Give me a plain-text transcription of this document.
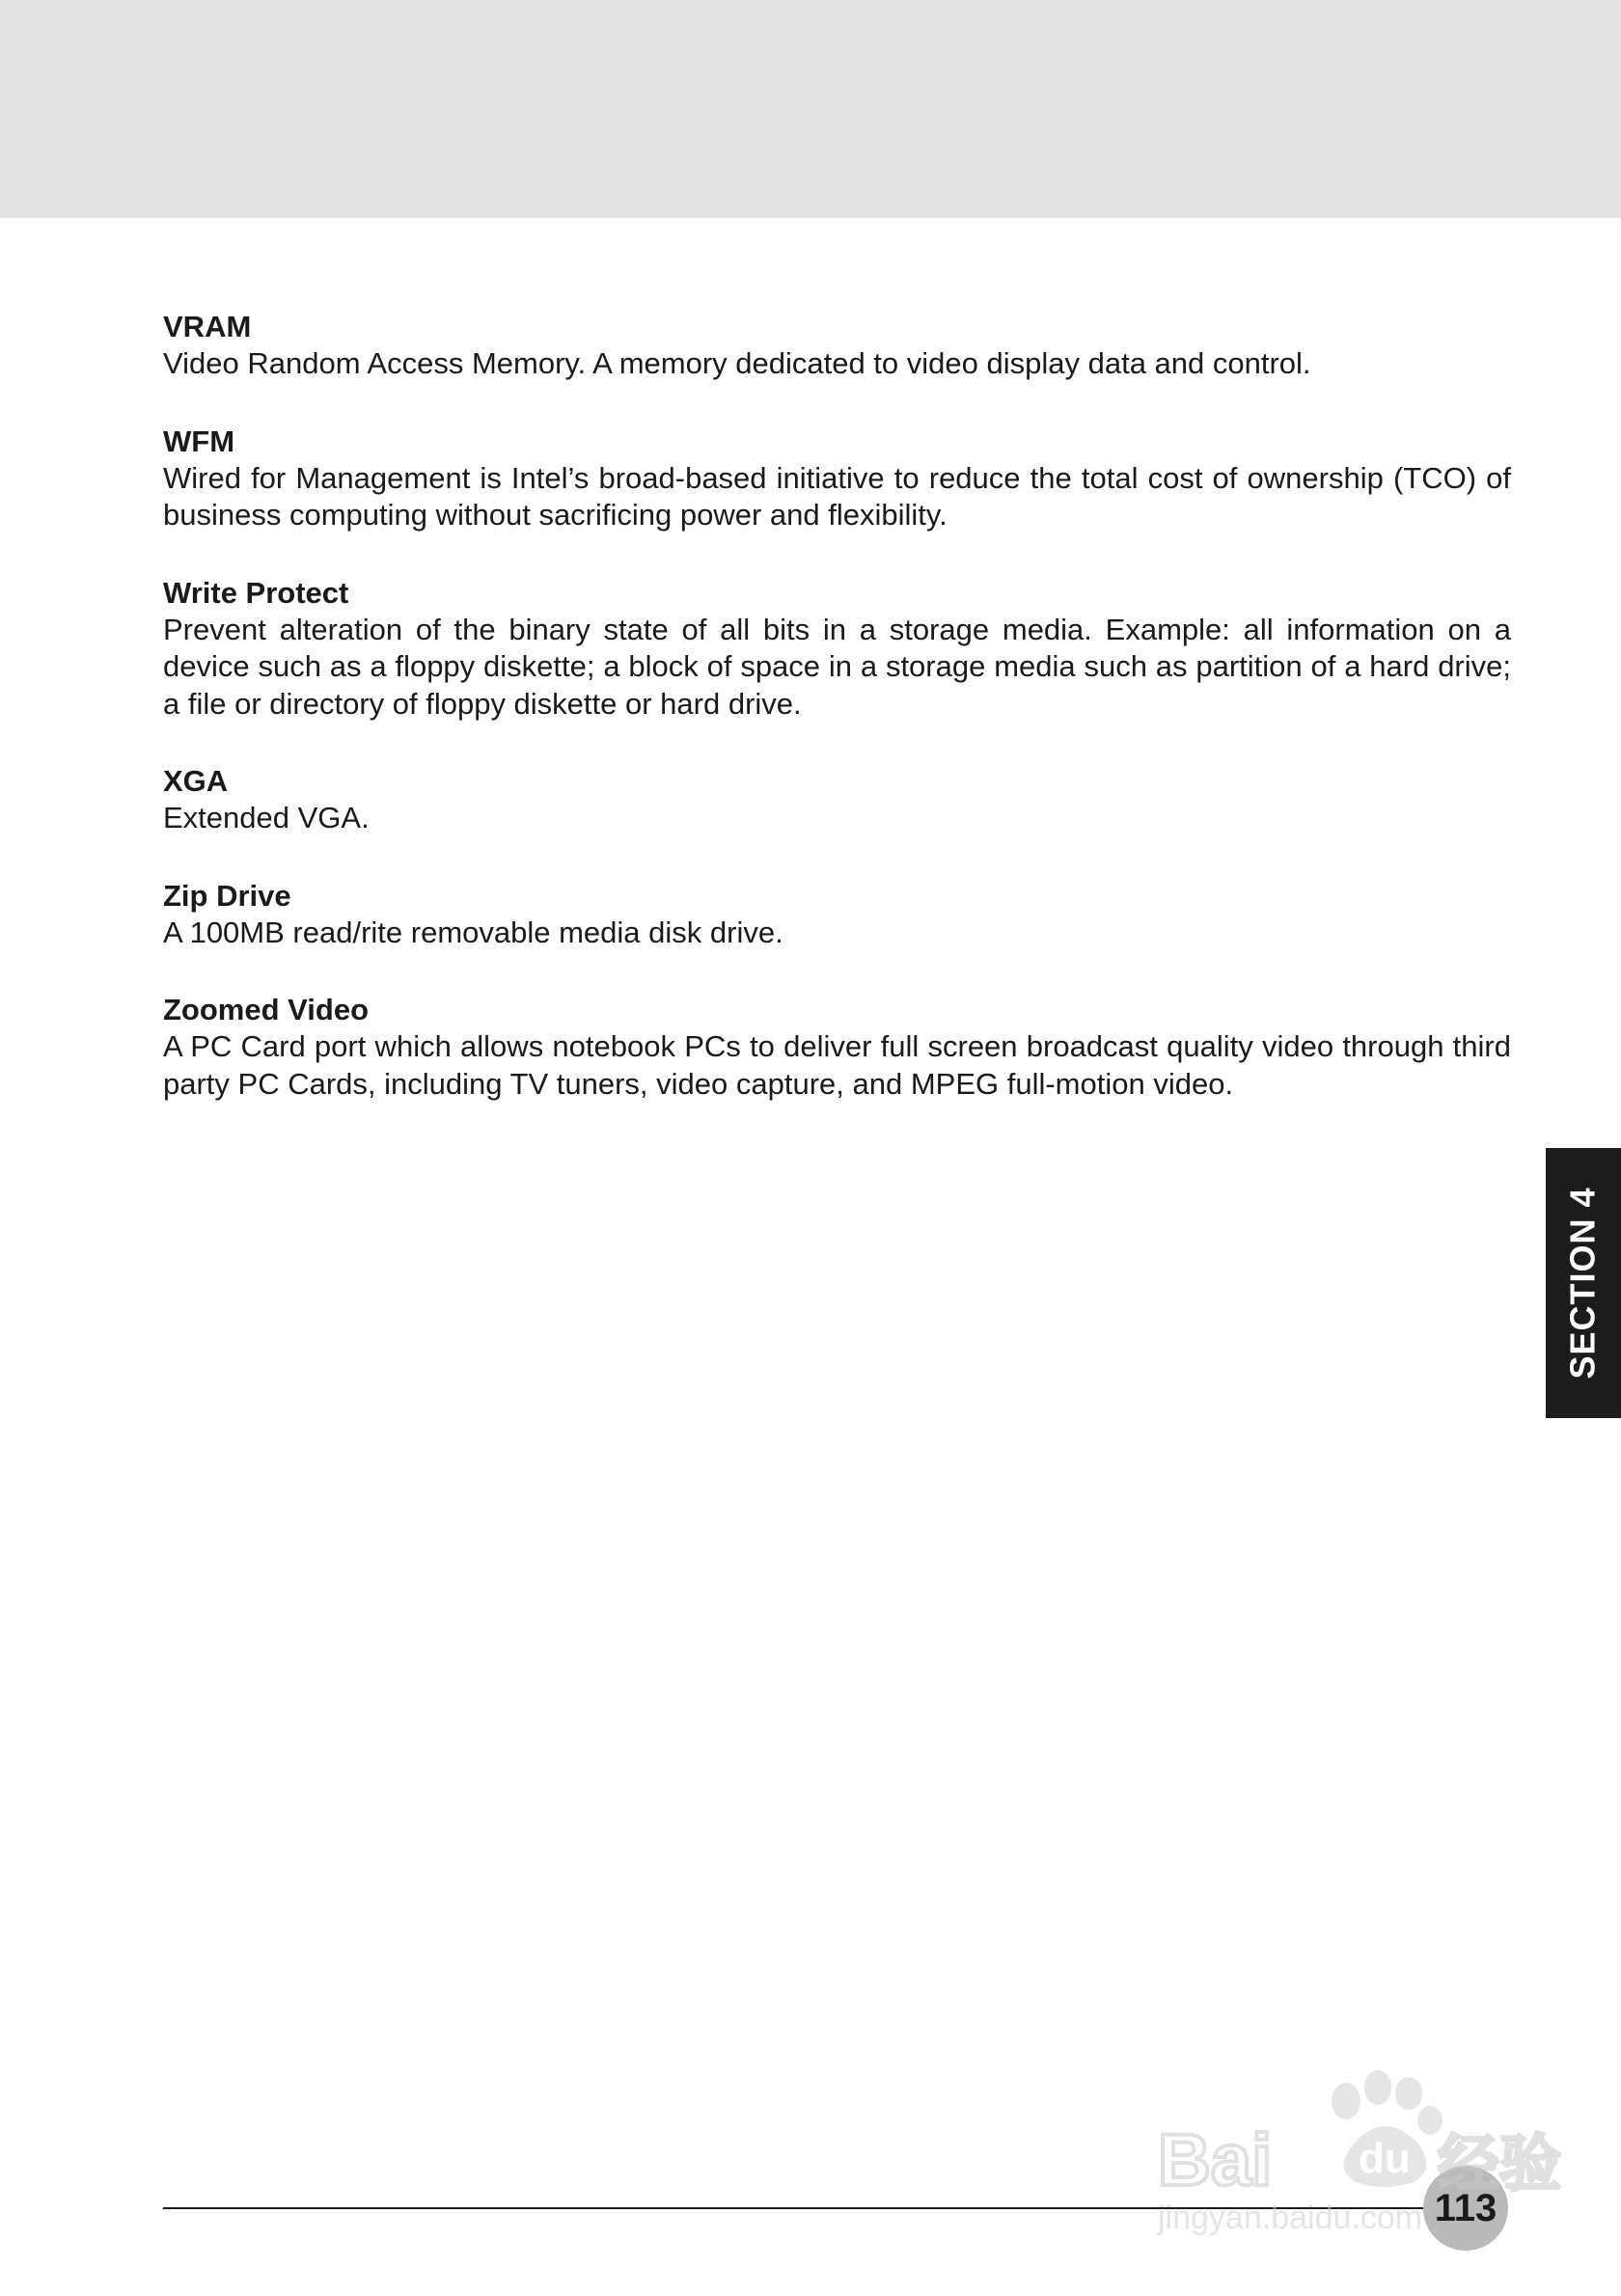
VRAM

Video Random Access Memory. A memory dedicated to video display data and control.

WFM

Wired for Management is Intel’s broad-based initiative to reduce the total cost of ownership (TCO) of business computing without sacrificing power and flexibility.

Write Protect

Prevent alteration of the binary state of all bits in a storage media. Example: all information on a device such as a floppy diskette; a block of space in a storage media such as partition of a hard drive; a file or directory of floppy diskette or hard drive.

XGA

Extended VGA.

Zip Drive

A 100MB read/rite removable media disk drive.

Zoomed Video

A PC Card port which allows notebook PCs to deliver full screen broadcast quality video through third party PC Cards, including TV tuners, video capture, and MPEG full-motion video.

SECTION 4
113
Bai	经验
du
jingyan.baidu.com
